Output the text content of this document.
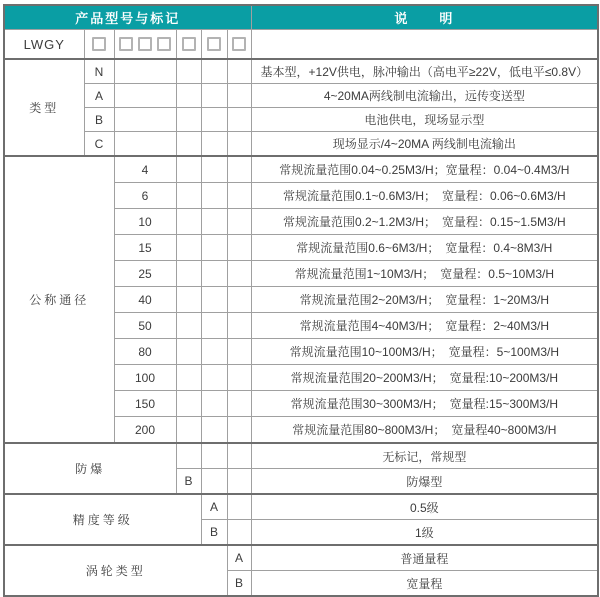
产品型号与标记						说　　明
LWGY						
类型	N					基本型，+12V供电，脉冲输出（高电平≥22V，低电平≤0.8V）
	A					4~20MA两线制电流输出，远传变送型
	B					电池供电，现场显示型
	C					现场显示/4~20MA 两线制电流输出
公称通径		4				常规流量范围0.04~0.25M3/H；宽量程：0.04~0.4M3/H
		6				常规流量范围0.1~0.6M3/H；　宽量程：0.06~0.6M3/H
		10				常规流量范围0.2~1.2M3/H；　宽量程：0.15~1.5M3/H
		15				常规流量范围0.6~6M3/H；　宽量程：0.4~8M3/H
		25				常规流量范围1~10M3/H；　宽量程：0.5~10M3/H
		40				常规流量范围2~20M3/H；　宽量程：1~20M3/H
		50				常规流量范围4~40M3/H；　宽量程：2~40M3/H
		80				常规流量范围10~100M3/H；　宽量程：5~100M3/H
		100				常规流量范围20~200M3/H；　宽量程:10~200M3/H
		150				常规流量范围30~300M3/H；　宽量程:15~300M3/H
		200				常规流量范围80~800M3/H；　宽量程40~800M3/H
防爆						无标记，常规型
			B			防爆型
精度等级				A		0.5级
				B		1级
涡轮类型					A	普通量程
					B	宽量程
